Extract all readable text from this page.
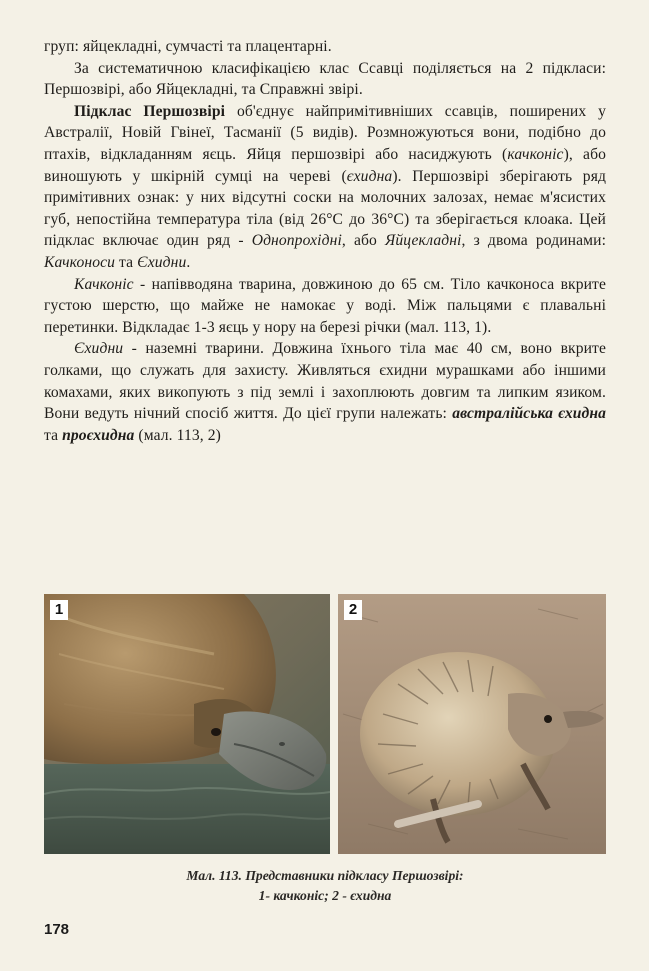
груп: яйцекладні, сумчасті та плацентарні.

За систематичною класифікацією клас Ссавці поділяється на 2 підкласи: Першозвірі, або Яйцекладні, та Справжні звірі.

Підклас Першозвірі об'єднує найпримітивніших ссавців, поширених у Австралії, Новій Гвінеї, Тасманії (5 видів). Розмножуються вони, подібно до птахів, відкладанням яєць. Яйця першозвірі або насиджують (качконіс), або виношують у шкірній сумці на череві (єхидна). Першозвірі зберігають ряд примітивних ознак: у них відсутні соски на молочних залозах, немає м'ясистих губ, непостійна температура тіла (від 26°С до 36°С) та зберігається клоака. Цей підклас включає один ряд - Однопрохідні, або Яйцекладні, з двома родинами: Качконоси та Єхидни.

Качконіс - напівводяна тварина, довжиною до 65 см. Тіло качконоса вкрите густою шерстю, що майже не намокає у воді. Між пальцями є плавальні перетинки. Відкладає 1-3 яєць у нору на березі річки (мал. 113, 1).

Єхидни - наземні тварини. Довжина їхнього тіла має 40 см, воно вкрите голками, що служать для захисту. Живляться єхидни мурашками або іншими комахами, яких викопують з під землі і захоплюють довгим та липким язиком. Вони ведуть нічний спосіб життя. До цієї групи належать: австралійська єхидна та проєхидна (мал. 113, 2)

1	2
Мал. 113. Представники підкласу Першозвірі:
1- качконіс; 2 - єхидна
178
